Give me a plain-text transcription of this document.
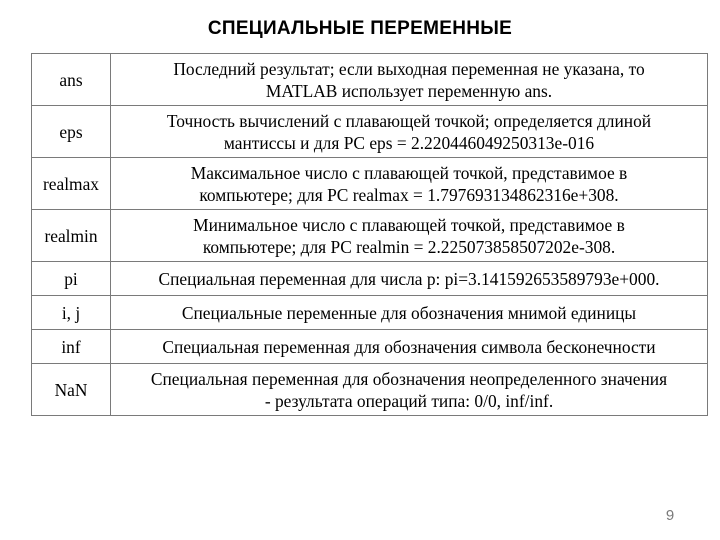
СПЕЦИАЛЬНЫЕ ПЕРЕМЕННЫЕ
ans	Последний результат; если выходная переменная не указана, то
MATLAB использует переменную ans.
eps	Точность вычислений с плавающей точкой; определяется длиной
мантиссы и для PC eps = 2.220446049250313e-016
realmax	Максимальное число с плавающей точкой, представимое в
компьютере; для PC realmax = 1.797693134862316e+308.
realmin	Минимальное число с плавающей точкой, представимое в
компьютере; для PC realmin = 2.225073858507202e-308.
pi	Специальная переменная для числа p: pi=3.141592653589793e+000.
i, j	Специальные переменные для обозначения мнимой единицы
inf	Специальная переменная для обозначения символа бесконечности
NaN	Специальная переменная для обозначения неопределенного значения
- результата операций типа: 0/0, inf/inf.
9
